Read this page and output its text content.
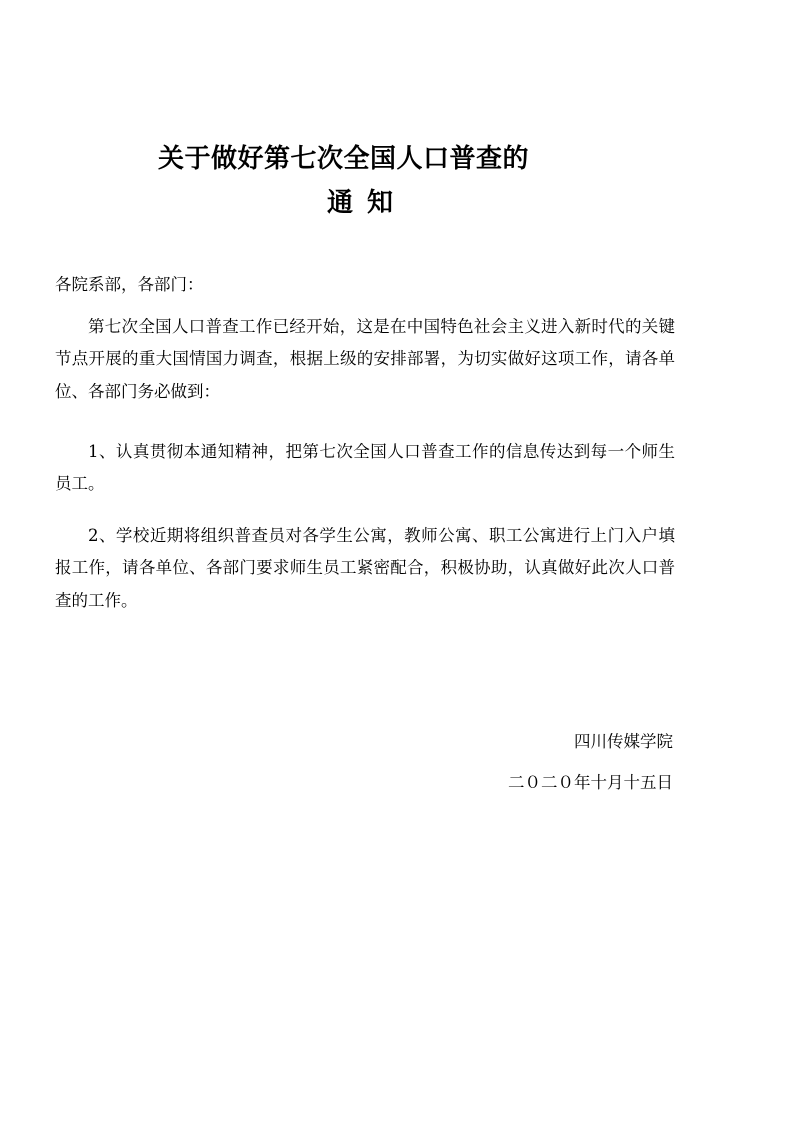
关于做好第七次全国人口普查的
通知
各院系部，各部门：
第七次全国人口普查工作已经开始，这是在中国特色社会主义进入新时代的关键节点开展的重大国情国力调查，根据上级的安排部署，为切实做好这项工作，请各单位、各部门务必做到：
1、认真贯彻本通知精神，把第七次全国人口普查工作的信息传达到每一个师生员工。
2、学校近期将组织普查员对各学生公寓，教师公寓、职工公寓进行上门入户填报工作，请各单位、各部门要求师生员工紧密配合，积极协助，认真做好此次人口普查的工作。
四川传媒学院
二０二０年十月十五日
